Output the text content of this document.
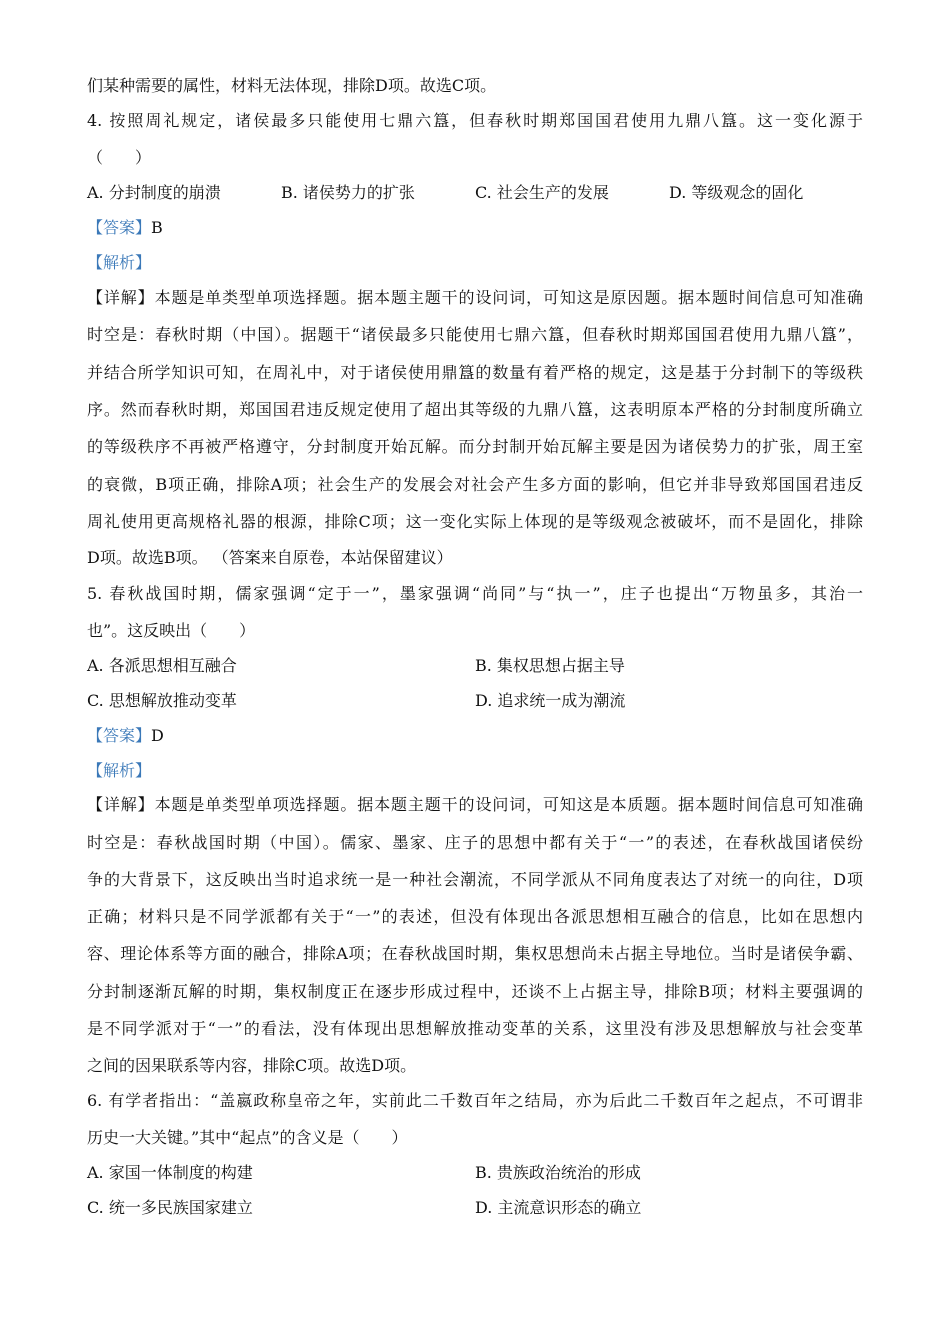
们某种需要的属性，材料无法体现，排除D项。故选C项。
4. 按照周礼规定，诸侯最多只能使用七鼎六簋，但春秋时期郑国国君使用九鼎八簋。这一变化源于
（　　）
A. 分封制度的崩溃	B. 诸侯势力的扩张	C. 社会生产的发展	D. 等级观念的固化
【答案】B
【解析】
【详解】本题是单类型单项选择题。据本题主题干的设问词，可知这是原因题。据本题时间信息可知准确
时空是：春秋时期（中国）。据题干“诸侯最多只能使用七鼎六簋，但春秋时期郑国国君使用九鼎八簋”，
并结合所学知识可知，在周礼中，对于诸侯使用鼎簋的数量有着严格的规定，这是基于分封制下的等级秩
序。然而春秋时期，郑国国君违反规定使用了超出其等级的九鼎八簋，这表明原本严格的分封制度所确立
的等级秩序不再被严格遵守，分封制度开始瓦解。而分封制开始瓦解主要是因为诸侯势力的扩张，周王室
的衰微，B项正确，排除A项；社会生产的发展会对社会产生多方面的影响，但它并非导致郑国国君违反
周礼使用更高规格礼器的根源，排除C项；这一变化实际上体现的是等级观念被破坏，而不是固化，排除
D项。故选B项。 （答案来自原卷，本站保留建议）
5. 春秋战国时期，儒家强调“定于一”，墨家强调“尚同”与“执一”，庄子也提出“万物虽多，其治一
也”。这反映出（　　）
A. 各派思想相互融合	B. 集权思想占据主导
C. 思想解放推动变革	D. 追求统一成为潮流
【答案】D
【解析】
【详解】本题是单类型单项选择题。据本题主题干的设问词，可知这是本质题。据本题时间信息可知准确
时空是：春秋战国时期（中国）。儒家、墨家、庄子的思想中都有关于“一”的表述，在春秋战国诸侯纷
争的大背景下，这反映出当时追求统一是一种社会潮流，不同学派从不同角度表达了对统一的向往，D项
正确；材料只是不同学派都有关于“一”的表述，但没有体现出各派思想相互融合的信息，比如在思想内
容、理论体系等方面的融合，排除A项；在春秋战国时期，集权思想尚未占据主导地位。当时是诸侯争霸、
分封制逐渐瓦解的时期，集权制度正在逐步形成过程中，还谈不上占据主导，排除B项；材料主要强调的
是不同学派对于“一”的看法，没有体现出思想解放推动变革的关系，这里没有涉及思想解放与社会变革
之间的因果联系等内容，排除C项。故选D项。
6. 有学者指出：“盖嬴政称皇帝之年，实前此二千数百年之结局，亦为后此二千数百年之起点，不可谓非
历史一大关键。”其中“起点”的含义是（　　）
A. 家国一体制度的构建	B. 贵族政治统治的形成
C. 统一多民族国家建立	D. 主流意识形态的确立
